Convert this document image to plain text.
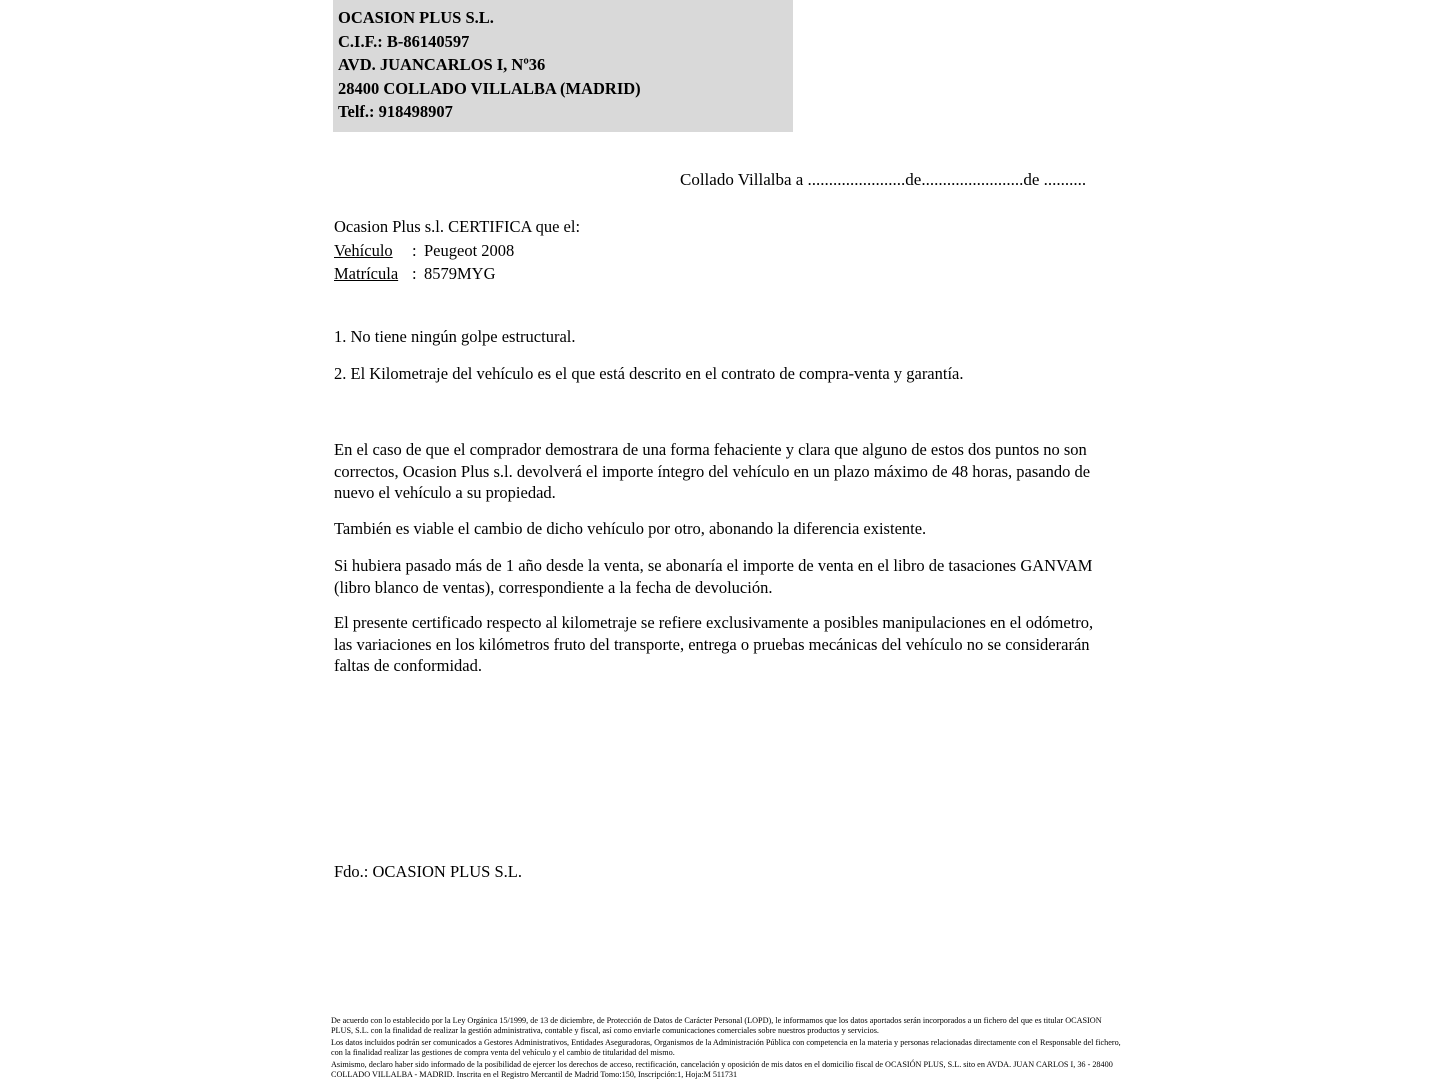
OCASION PLUS S.L.
C.I.F.: B-86140597
AVD. JUANCARLOS I, Nº36
28400 COLLADO VILLALBA (MADRID)
Telf.: 918498907
Collado Villalba a .......................de........................de ..........
Ocasion Plus s.l. CERTIFICA que el:
Vehículo : Peugeot 2008
Matrícula : 8579MYG
1. No tiene ningún golpe estructural.
2. El Kilometraje del vehículo es el que está descrito en el contrato de compra-venta y garantía.
En el caso de que el comprador demostrara de una forma fehaciente y clara que alguno de estos dos puntos no son correctos, Ocasion Plus s.l. devolverá el importe íntegro del vehículo en un plazo máximo de 48 horas, pasando de nuevo el vehículo a su propiedad.
También es viable el cambio de dicho vehículo por otro, abonando la diferencia existente.
Si hubiera pasado más de 1 año desde la venta, se abonaría el importe de venta en el libro de tasaciones GANVAM (libro blanco de ventas), correspondiente a la fecha de devolución.
El presente certificado respecto al kilometraje se refiere exclusivamente a posibles manipulaciones en el odómetro, las variaciones en los kilómetros fruto del transporte, entrega o pruebas mecánicas del vehículo no se considerarán faltas de conformidad.
Fdo.: OCASION PLUS S.L.

De acuerdo con lo establecido por la Ley Orgánica 15/1999, de 13 de diciembre, de Protección de Datos de Carácter Personal (LOPD), le informamos que los datos aportados serán incorporados a un fichero del que es titular OCASION PLUS, S.L. con la finalidad de realizar la gestión administrativa, contable y fiscal, así como enviarle comunicaciones comerciales sobre nuestros productos y servicios.

Los datos incluidos podrán ser comunicados a Gestores Administrativos, Entidades Aseguradoras, Organismos de la Administración Pública con competencia en la materia y personas relacionadas directamente con el Responsable del fichero, con la finalidad realizar las gestiones de compra venta del vehículo y el cambio de titularidad del mismo.

Asimismo, declaro haber sido informado de la posibilidad de ejercer los derechos de acceso, rectificación, cancelación y oposición de mis datos en el domicilio fiscal de OCASIÓN PLUS, S.L. sito en AVDA. JUAN CARLOS I, 36 - 28400 COLLADO VILLALBA - MADRID. Inscrita en el Registro Mercantil de Madrid Tomo:150, Inscripción:1, Hoja:M 511731
